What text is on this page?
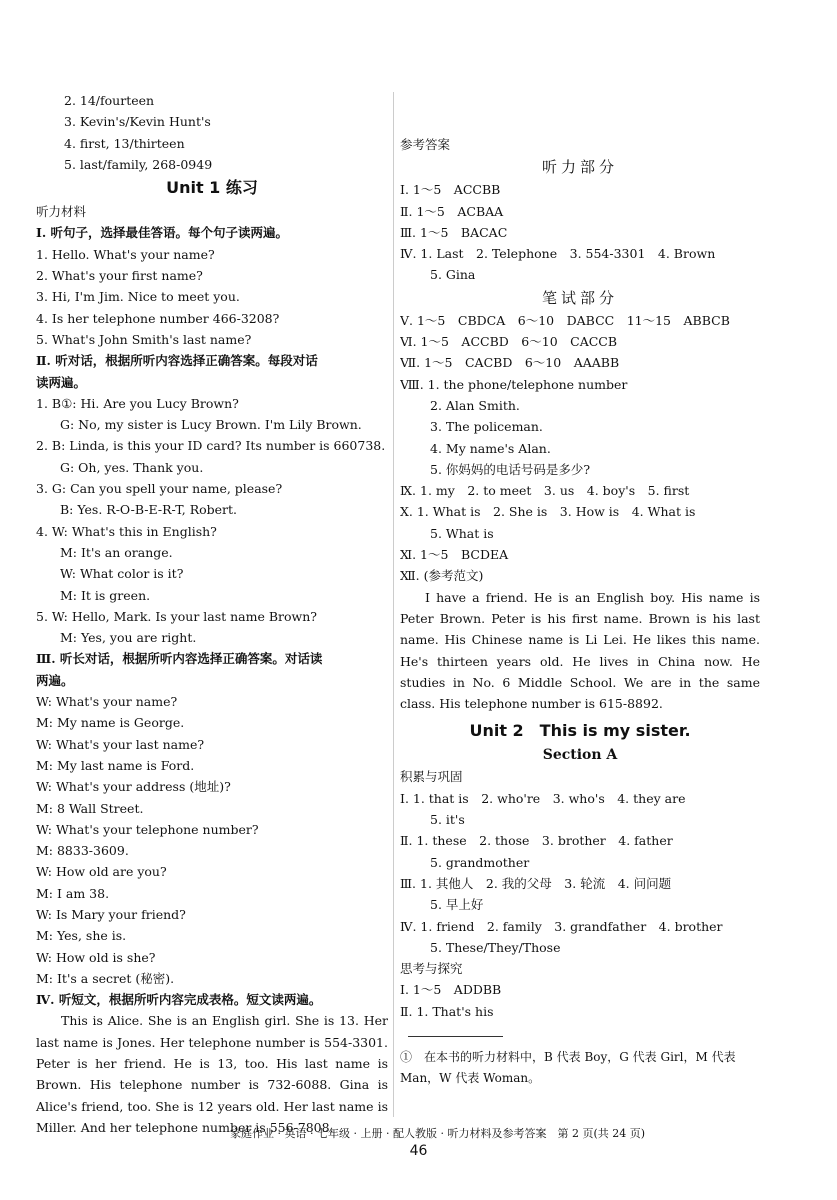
2. 14/fourteen
3. Kevin's/Kevin Hunt's
4. first, 13/thirteen
5. last/family, 268-0949
Unit 1 练习
听力材料
Ⅰ. 听句子，选择最佳答语。每个句子读两遍。
1. Hello. What's your name?
2. What's your first name?
3. Hi, I'm Jim. Nice to meet you.
4. Is her telephone number 466-3208?
5. What's John Smith's last name?
Ⅱ. 听对话，根据所听内容选择正确答案。每段对话
读两遍。
1. B①: Hi. Are you Lucy Brown?
G: No, my sister is Lucy Brown. I'm Lily Brown.
2. B: Linda, is this your ID card? Its number is 660738.
G: Oh, yes. Thank you.
3. G: Can you spell your name, please?
B: Yes. R-O-B-E-R-T, Robert.
4. W: What's this in English?
M: It's an orange.
W: What color is it?
M: It is green.
5. W: Hello, Mark. Is your last name Brown?
M: Yes, you are right.
Ⅲ. 听长对话，根据所听内容选择正确答案。对话读
两遍。
W: What's your name?
M: My name is George.
W: What's your last name?
M: My last name is Ford.
W: What's your address (地址)?
M: 8 Wall Street.
W: What's your telephone number?
M: 8833-3609.
W: How old are you?
M: I am 38.
W: Is Mary your friend?
M: Yes, she is.
W: How old is she?
M: It's a secret (秘密).
Ⅳ. 听短文，根据所听内容完成表格。短文读两遍。
This is Alice. She is an English girl. She is 13. Her last name is Jones. Her telephone number is 554-3301. Peter is her friend. He is 13, too. His last name is Brown. His telephone number is 732-6088. Gina is Alice's friend, too. She is 12 years old. Her last name is Miller. And her telephone number is 556-7808.
参考答案
听力部分
Ⅰ. 1～5　ACCBB
Ⅱ. 1～5　ACBAA
Ⅲ. 1～5　BACAC
Ⅳ. 1. Last　2. Telephone　3. 554-3301　4. Brown
5. Gina
笔试部分
Ⅴ. 1～5　CBDCA　6～10　DABCC　11～15　ABBCB
Ⅵ. 1～5　ACCBD　6～10　CACCB
Ⅶ. 1～5　CACBD　6～10　AAABB
Ⅷ. 1. the phone/telephone number
2. Alan Smith.
3. The policeman.
4. My name's Alan.
5. 你妈妈的电话号码是多少?
Ⅸ. 1. my　2. to meet　3. us　4. boy's　5. first
Ⅹ. 1. What is　2. She is　3. How is　4. What is
5. What is
Ⅺ. 1～5　BCDEA
Ⅻ. (参考范文)
I have a friend. He is an English boy. His name is Peter Brown. Peter is his first name. Brown is his last name. His Chinese name is Li Lei. He likes this name. He's thirteen years old. He lives in China now. He studies in No. 6 Middle School. We are in the same class. His telephone number is 615-8892.
Unit 2　This is my sister.
Section A
积累与巩固
Ⅰ. 1. that is　2. who're　3. who's　4. they are
5. it's
Ⅱ. 1. these　2. those　3. brother　4. father
5. grandmother
Ⅲ. 1. 其他人　2. 我的父母　3. 轮流　4. 问问题
5. 早上好
Ⅳ. 1. friend　2. family　3. grandfather　4. brother
5. These/They/Those
思考与探究
Ⅰ. 1～5　ADDBB
Ⅱ. 1. That's his
①　在本书的听力材料中，B 代表 Boy，G 代表 Girl，M 代表 Man，W 代表 Woman。
家庭作业 · 英语 · 七年级 · 上册 · 配人教版 · 听力材料及参考答案　第 2 页(共 24 页)
46
